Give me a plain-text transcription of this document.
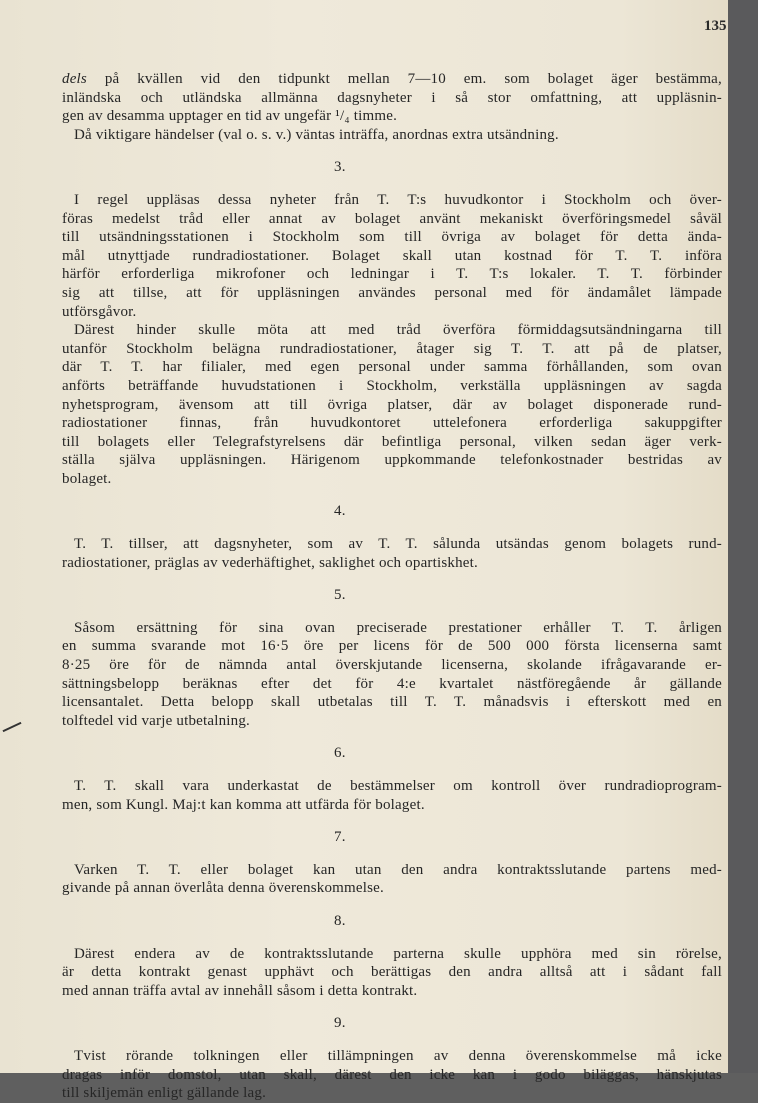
135
dels på kvällen vid den tidpunkt mellan 7—10 em. som bolaget äger bestämma,
inländska och utländska allmänna dagsnyheter i så stor omfattning, att uppläsnin-
gen av desamma upptager en tid av ungefär ¹/₄ timme.
Då viktigare händelser (val o. s. v.) väntas inträffa, anordnas extra utsändning.
3.
I regel uppläsas dessa nyheter från T. T:s huvudkontor i Stockholm och över-
föras medelst tråd eller annat av bolaget använt mekaniskt överföringsmedel såväl
till utsändningsstationen i Stockholm som till övriga av bolaget för detta ända-
mål utnyttjade rundradiostationer. Bolaget skall utan kostnad för T. T. införa
härför erforderliga mikrofoner och ledningar i T. T:s lokaler. T. T. förbinder
sig att tillse, att för uppläsningen användes personal med för ändamålet lämpade
utförsgåvor.
Därest hinder skulle möta att med tråd överföra förmiddagsutsändningarna till
utanför Stockholm belägna rundradiostationer, åtager sig T. T. att på de platser,
där T. T. har filialer, med egen personal under samma förhållanden, som ovan
anförts beträffande huvudstationen i Stockholm, verkställa uppläsningen av sagda
nyhetsprogram, ävensom att till övriga platser, där av bolaget disponerade rund-
radiostationer finnas, från huvudkontoret uttelefonera erforderliga sakuppgifter
till bolagets eller Telegrafstyrelsens där befintliga personal, vilken sedan äger verk-
ställa själva uppläsningen. Härigenom uppkommande telefonkostnader bestridas av
bolaget.
4.
T. T. tillser, att dagsnyheter, som av T. T. sålunda utsändas genom bolagets rund-
radiostationer, präglas av vederhäftighet, saklighet och opartiskhet.
5.
Såsom ersättning för sina ovan preciserade prestationer erhåller T. T. årligen
en summa svarande mot 16·5 öre per licens för de 500 000 första licenserna samt
8·25 öre för de nämnda antal överskjutande licenserna, skolande ifrågavarande er-
sättningsbelopp beräknas efter det för 4:e kvartalet nästföregående år gällande
licensantalet. Detta belopp skall utbetalas till T. T. månadsvis i efterskott med en
tolftedel vid varje utbetalning.
6.
T. T. skall vara underkastat de bestämmelser om kontroll över rundradioprogram-
men, som Kungl. Maj:t kan komma att utfärda för bolaget.
7.
Varken T. T. eller bolaget kan utan den andra kontraktsslutande partens med-
givande på annan överlåta denna överenskommelse.
8.
Därest endera av de kontraktsslutande parterna skulle upphöra med sin rörelse,
är detta kontrakt genast upphävt och berättigas den andra alltså att i sådant fall
med annan träffa avtal av innehåll såsom i detta kontrakt.
9.
Tvist rörande tolkningen eller tillämpningen av denna överenskommelse må icke
dragas inför domstol, utan skall, därest den icke kan i godo biläggas, hänskjutas
till skiljemän enligt gällande lag.
